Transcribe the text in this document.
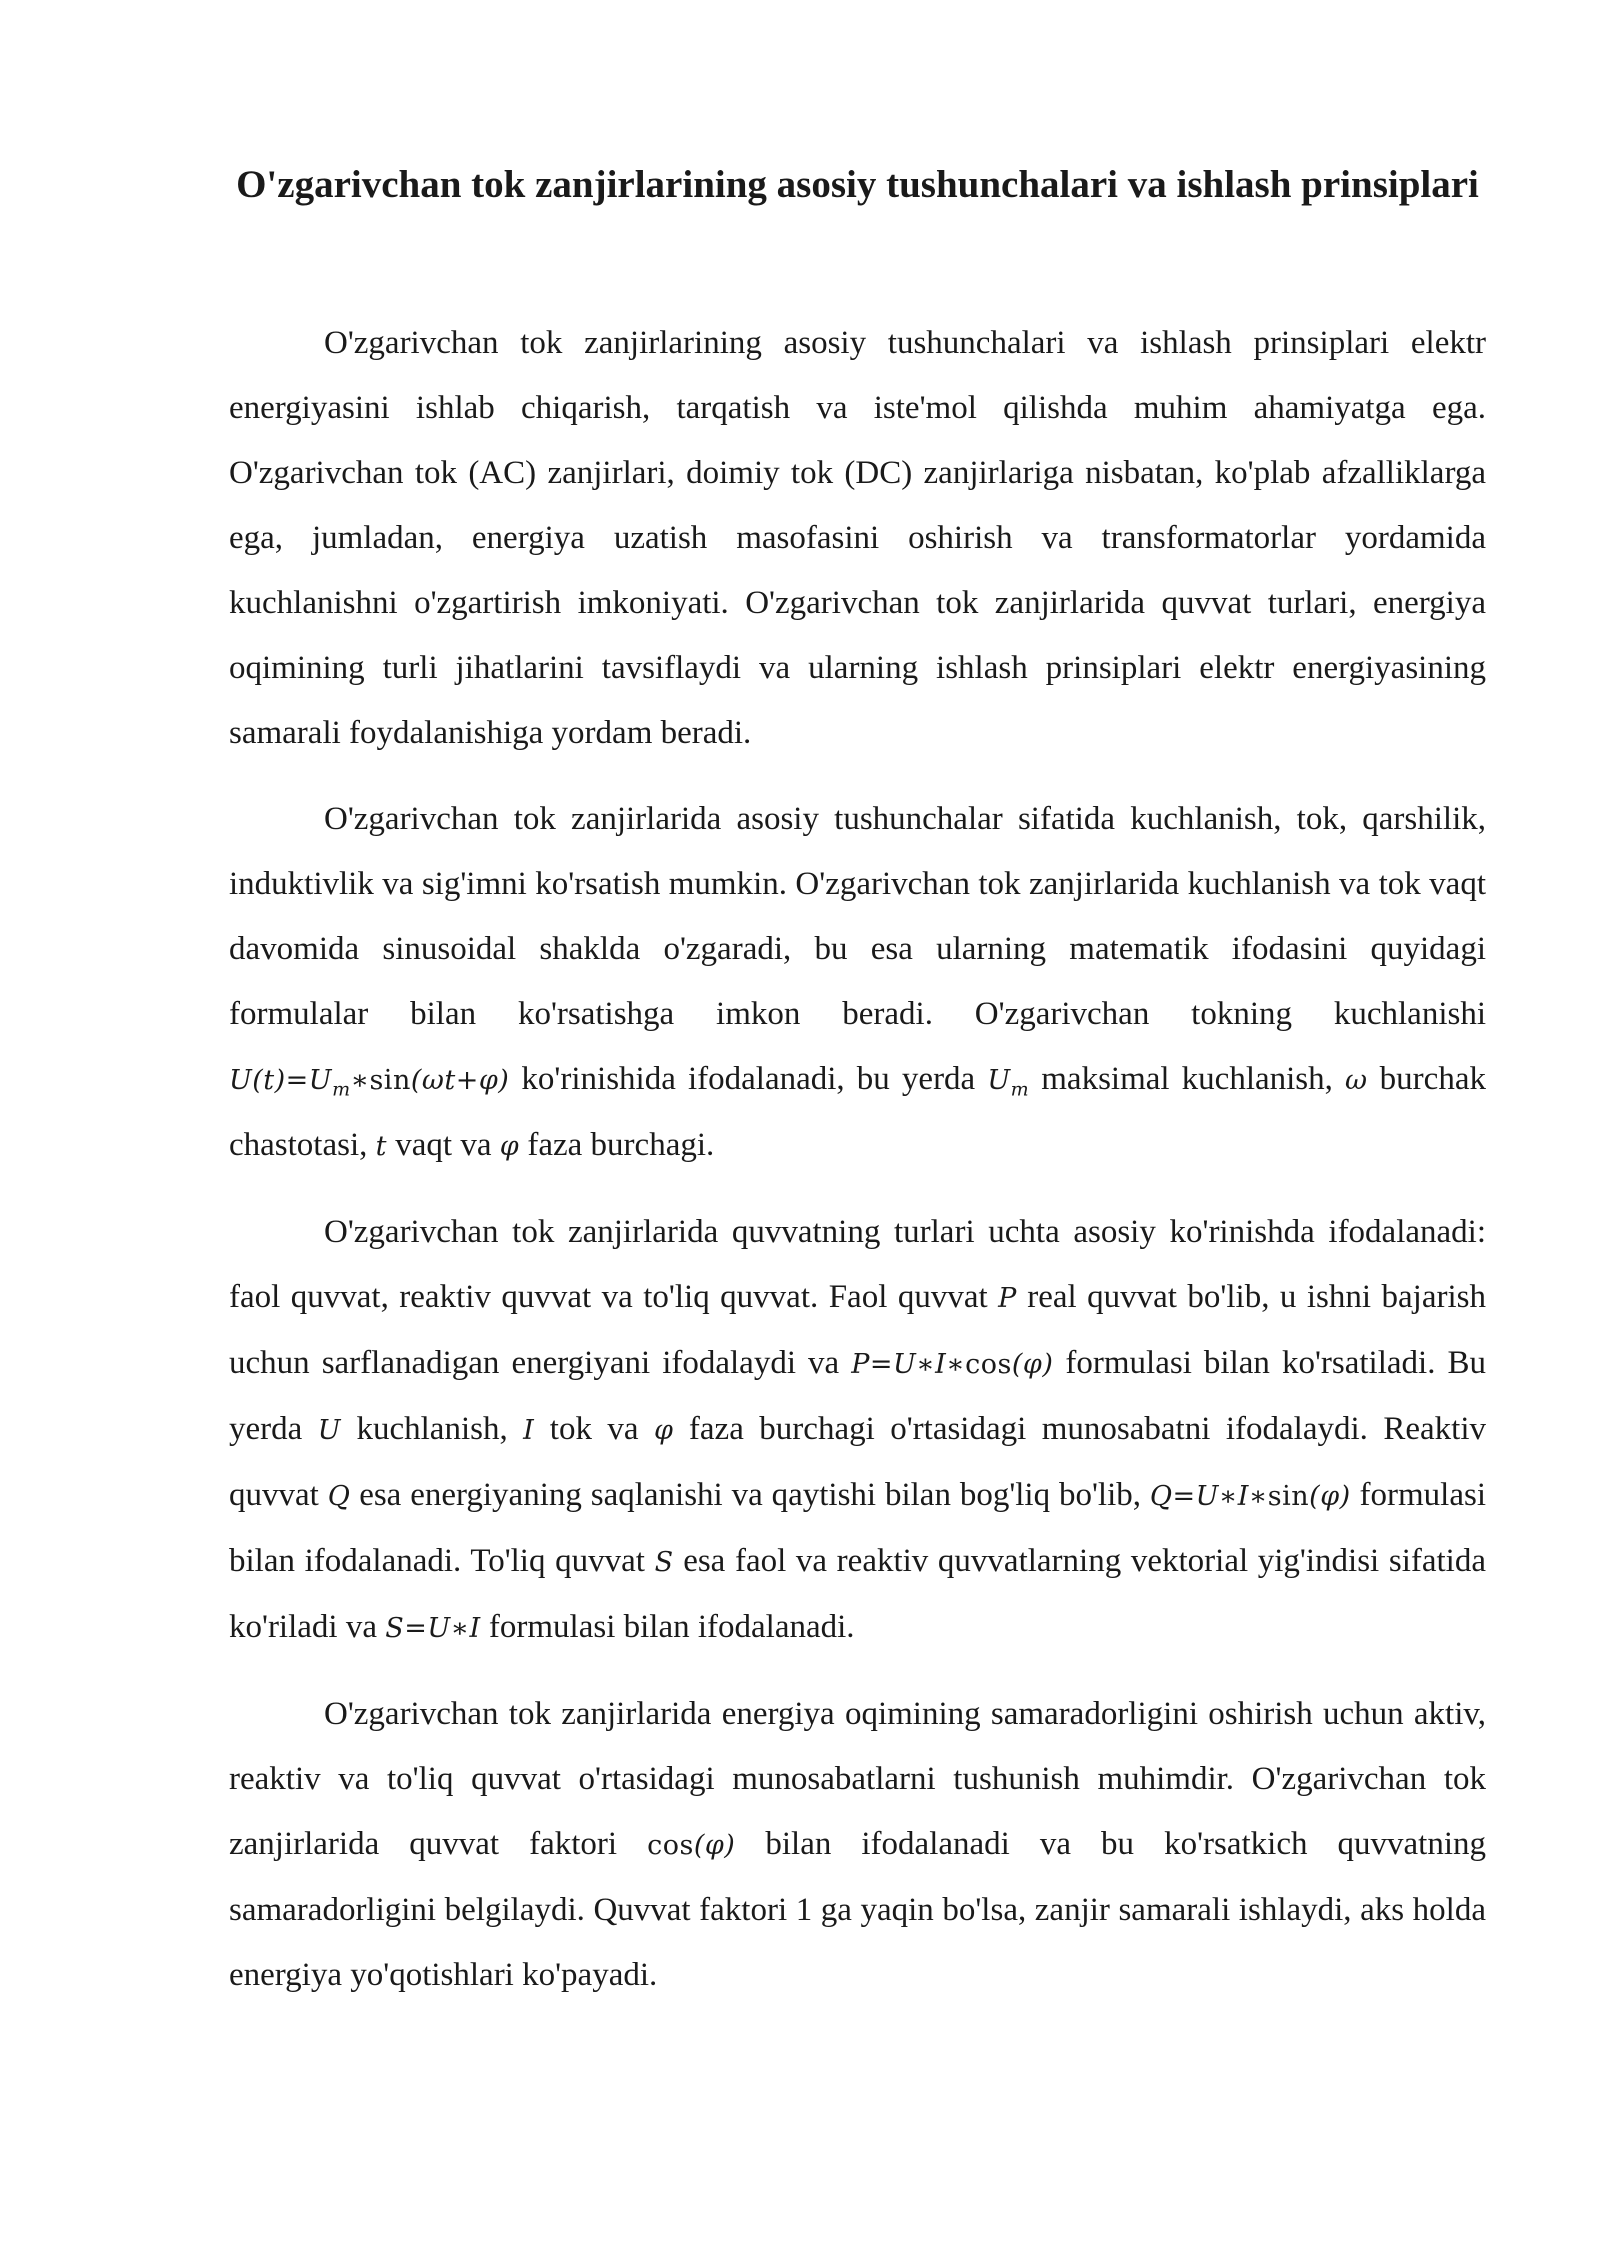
O'zgarivchan tok zanjirlarining asosiy tushunchalari va ishlash prinsiplari

O'zgarivchan tok zanjirlarining asosiy tushunchalari va ishlash prinsiplari elektr energiyasini ishlab chiqarish, tarqatish va iste'mol qilishda muhim ahamiyatga ega. O'zgarivchan tok (AC) zanjirlari, doimiy tok (DC) zanjirlariga nisbatan, ko'plab afzalliklarga ega, jumladan, energiya uzatish masofasini oshirish va transformatorlar yordamida kuchlanishni o'zgartirish imkoniyati. O'zgarivchan tok zanjirlarida quvvat turlari, energiya oqimining turli jihatlarini tavsiflaydi va ularning ishlash prinsiplari elektr energiyasining samarali foydalanishiga yordam beradi.

O'zgarivchan tok zanjirlarida asosiy tushunchalar sifatida kuchlanish, tok, qarshilik, induktivlik va sig'imni ko'rsatish mumkin. O'zgarivchan tok zanjirlarida kuchlanish va tok vaqt davomida sinusoidal shaklda o'zgaradi, bu esa ularning matematik ifodasini quyidagi formulalar bilan ko'rsatishga imkon beradi. O'zgarivchan tokning kuchlanishi $U(t)=U_m∗\sin(\omega t+\varphi)$ ko'rinishida ifodalanadi, bu yerda $U_m$ maksimal kuchlanish, ω burchak chastotasi, t vaqt va φ faza burchagi.

O'zgarivchan tok zanjirlarida quvvatning turlari uchta asosiy ko'rinishda ifodalanadi: faol quvvat, reaktiv quvvat va to'liq quvvat. Faol quvvat P real quvvat bo'lib, u ishni bajarish uchun sarflanadigan energiyani ifodalaydi va P=U∗I∗cos(φ) formulasi bilan ko'rsatiladi. Bu yerda U kuchlanish, I tok va φ faza burchagi o'rtasidagi munosabatni ifodalaydi. Reaktiv quvvat Q esa energiyaning saqlanishi va qaytishi bilan bog'liq bo'lib, Q=U∗I∗sin(φ) formulasi bilan ifodalanadi. To'liq quvvat S esa faol va reaktiv quvvatlarning vektorial yig'indisi sifatida ko'riladi va S=U∗I formulasi bilan ifodalanadi.

O'zgarivchan tok zanjirlarida energiya oqimining samaradorligini oshirish uchun aktiv, reaktiv va to'liq quvvat o'rtasidagi munosabatlarni tushunish muhimdir. O'zgarivchan tok zanjirlarida quvvat faktori cos(φ) bilan ifodalanadi va bu ko'rsatkich quvvatning samaradorligini belgilaydi. Quvvat faktori 1 ga yaqin bo'lsa, zanjir samarali ishlaydi, aks holda energiya yo'qotishlari ko'payadi.
